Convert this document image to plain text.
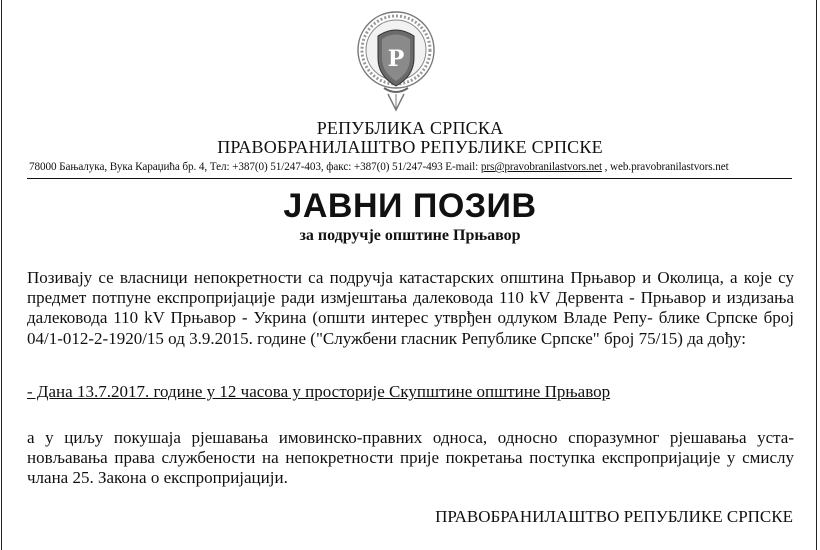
Р
РЕПУБЛИКА СРПСКА
ПРАВОБРАНИЛАШТВО РЕПУБЛИКЕ СРПСКЕ
78000 Бањалука, Вука Караџића бр. 4, Тел: +387(0) 51/247-403, факс: +387(0) 51/247-493 E-mail: prs@pravobranilastvors.net , web.pravobranilastvors.net
ЈАВНИ ПОЗИВ
за подручје општине Прњавор
Позивају се власници непокретности са подручја катастарских општина Прњавор и Околица, а које су предмет потпуне експропријације ради измјештања далековода 110 kV Дервента - Прњавор и издизања далековода 110 kV Прњавор - Укрина (општи интерес утврђен одлуком Владе Репу- блике Српске број 04/1-012-2-1920/15 од 3.9.2015. године ("Службени гласник Републике Српске" број 75/15) да дођу:
- Дана 13.7.2017. године у 12 часова у просторије Скупштине општине Прњавор
а у циљу покушаја рјешавања имовинско-правних односа, односно споразумног рјешавања уста- новљавања права службености на непокретности прије покретања поступка експропријације у смислу члана 25. Закона о експропријацији.
ПРАВОБРАНИЛАШТВО РЕПУБЛИКЕ СРПСКЕ
